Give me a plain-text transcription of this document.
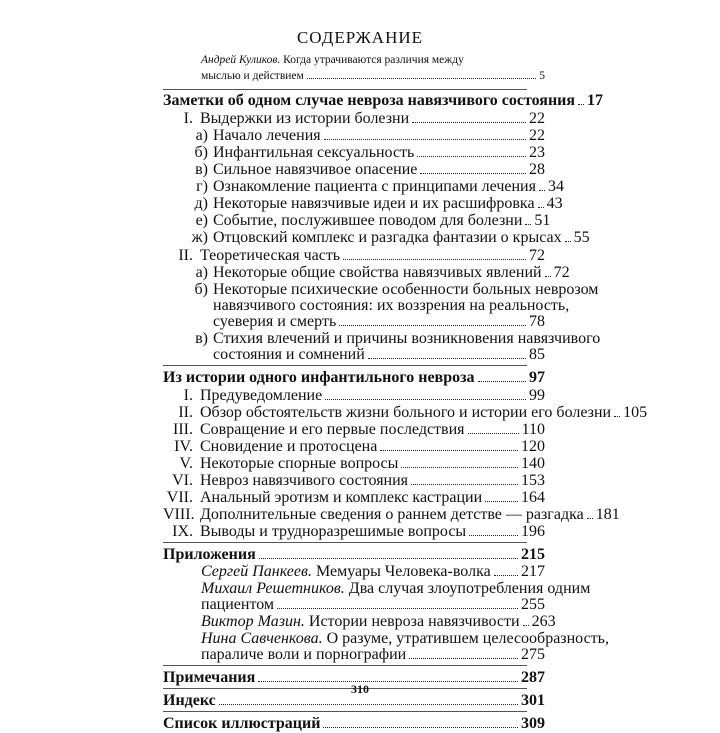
СОДЕРЖАНИЕ
Андрей Куликов. Когда утрачиваются различия между
мыслью и действием	5
Заметки об одном случае невроза навязчивого состояния 17
I. Выдержки из истории болезни	22
а) Начало лечения	22
б) Инфантильная сексуальность	23
в) Сильное навязчивое опасение	28
г) Ознакомление пациента с принципами лечения 34
д) Некоторые навязчивые идеи и их расшифровка 43
е) Событие, послужившее поводом для болезни 51
ж) Отцовский комплекс и разгадка фантазии о крысах 55
II. Теоретическая часть	72
а) Некоторые общие свойства навязчивых явлений 72
б) Некоторые психические особенности больных неврозом
навязчивого состояния: их воззрения на реальность,
суеверия и смерть	78
в) Стихия влечений и причины возникновения навязчивого
состояния и сомнений	85
Из истории одного инфантильного невроза	97
I. Предуведомление	99
II. Обзор обстоятельств жизни больного и истории его болезни 105
III. Совращение и его первые последствия	110
IV. Сновидение и протосцена	120
V. Некоторые спорные вопросы	140
VI. Невроз навязчивого состояния	153
VII. Анальный эротизм и комплекс кастрации 164
VIII. Дополнительные сведения о раннем детстве — разгадка 181
IX. Выводы и трудноразрешимые вопросы	196
Приложения	215
Сергей Панкеев. Мемуары Человека-волка 217
Михаил Решетников. Два случая злоупотребления одним
пациентом	255
Виктор Мазин. Истории невроза навязчивости 263
Нина Савченкова. О разуме, утратившем целесообразность,
параличе воли и порнографии	275
Примечания	287
Индекс	301
Список иллюстраций	309
310
